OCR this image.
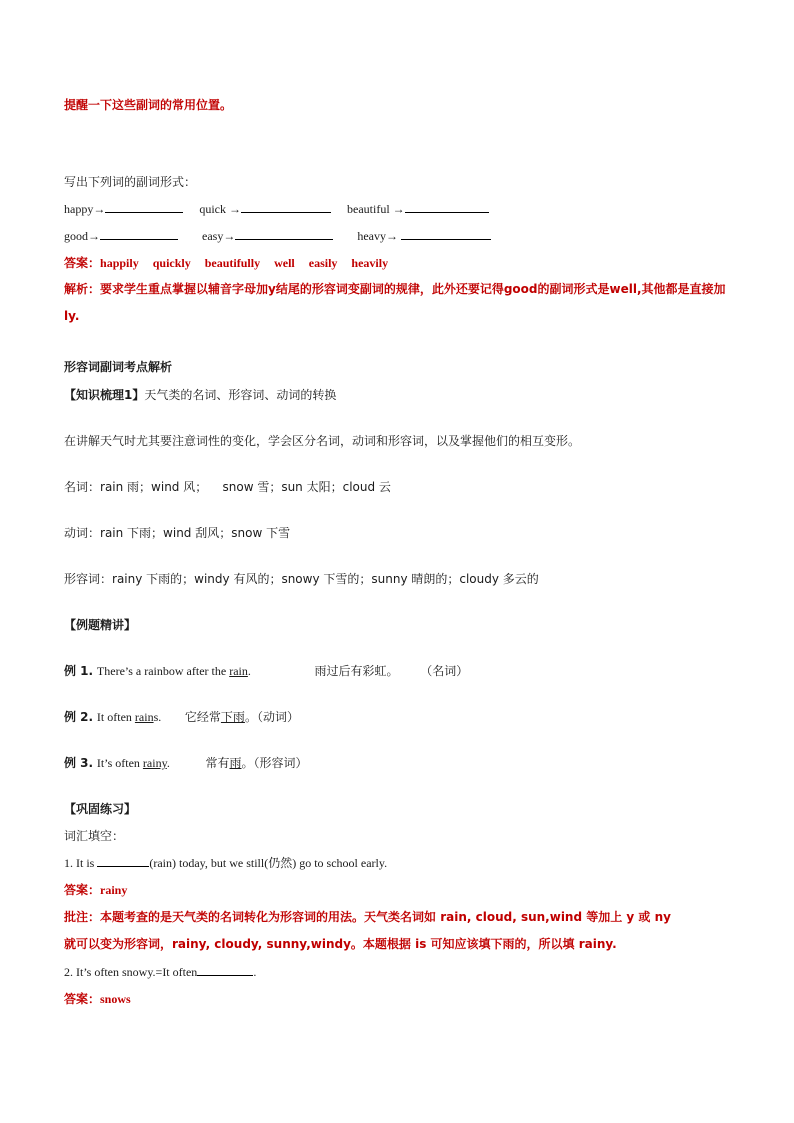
提醒一下这些副词的常用位置。
写出下列词的副词形式：
happy→	quick →	beautiful →
good→	easy→	heavy→
答案：happily quickly beautifully well easily heavily
解析：要求学生重点掌握以辅音字母加y结尾的形容词变副词的规律，此外还要记得good的副词形式是well,其他都是直接加ly.
形容词副词考点解析
【知识梳理1】天气类的名词、形容词、动词的转换
在讲解天气时尤其要注意词性的变化，学会区分名词，动词和形容词，以及掌握他们的相互变形。
名词：rain 雨；wind 风；    snow 雪；sun 太阳；cloud 云
动词：rain 下雨；wind 刮风；snow 下雪
形容词：rainy 下雨的；windy 有风的；snowy 下雪的；sunny 晴朗的；cloudy 多云的
【例题精讲】
例 1. There’s a rainbow after the rain.	雨过后有彩虹。 （名词）
例 2. It often rains. 它经常下雨。（动词）
例 3. It’s often rainy.	常有雨。（形容词）
【巩固练习】
词汇填空：
1. It is	(rain) today, but we still(仍然) go to school early.
答案：rainy
批注：本题考查的是天气类的名词转化为形容词的用法。天气类名词如 rain, cloud, sun,wind 等加上 y 或 ny
就可以变为形容词，rainy, cloudy, sunny,windy。本题根据 is 可知应该填下雨的，所以填 rainy.
2. It’s often snowy.=It often	.
答案：snows
